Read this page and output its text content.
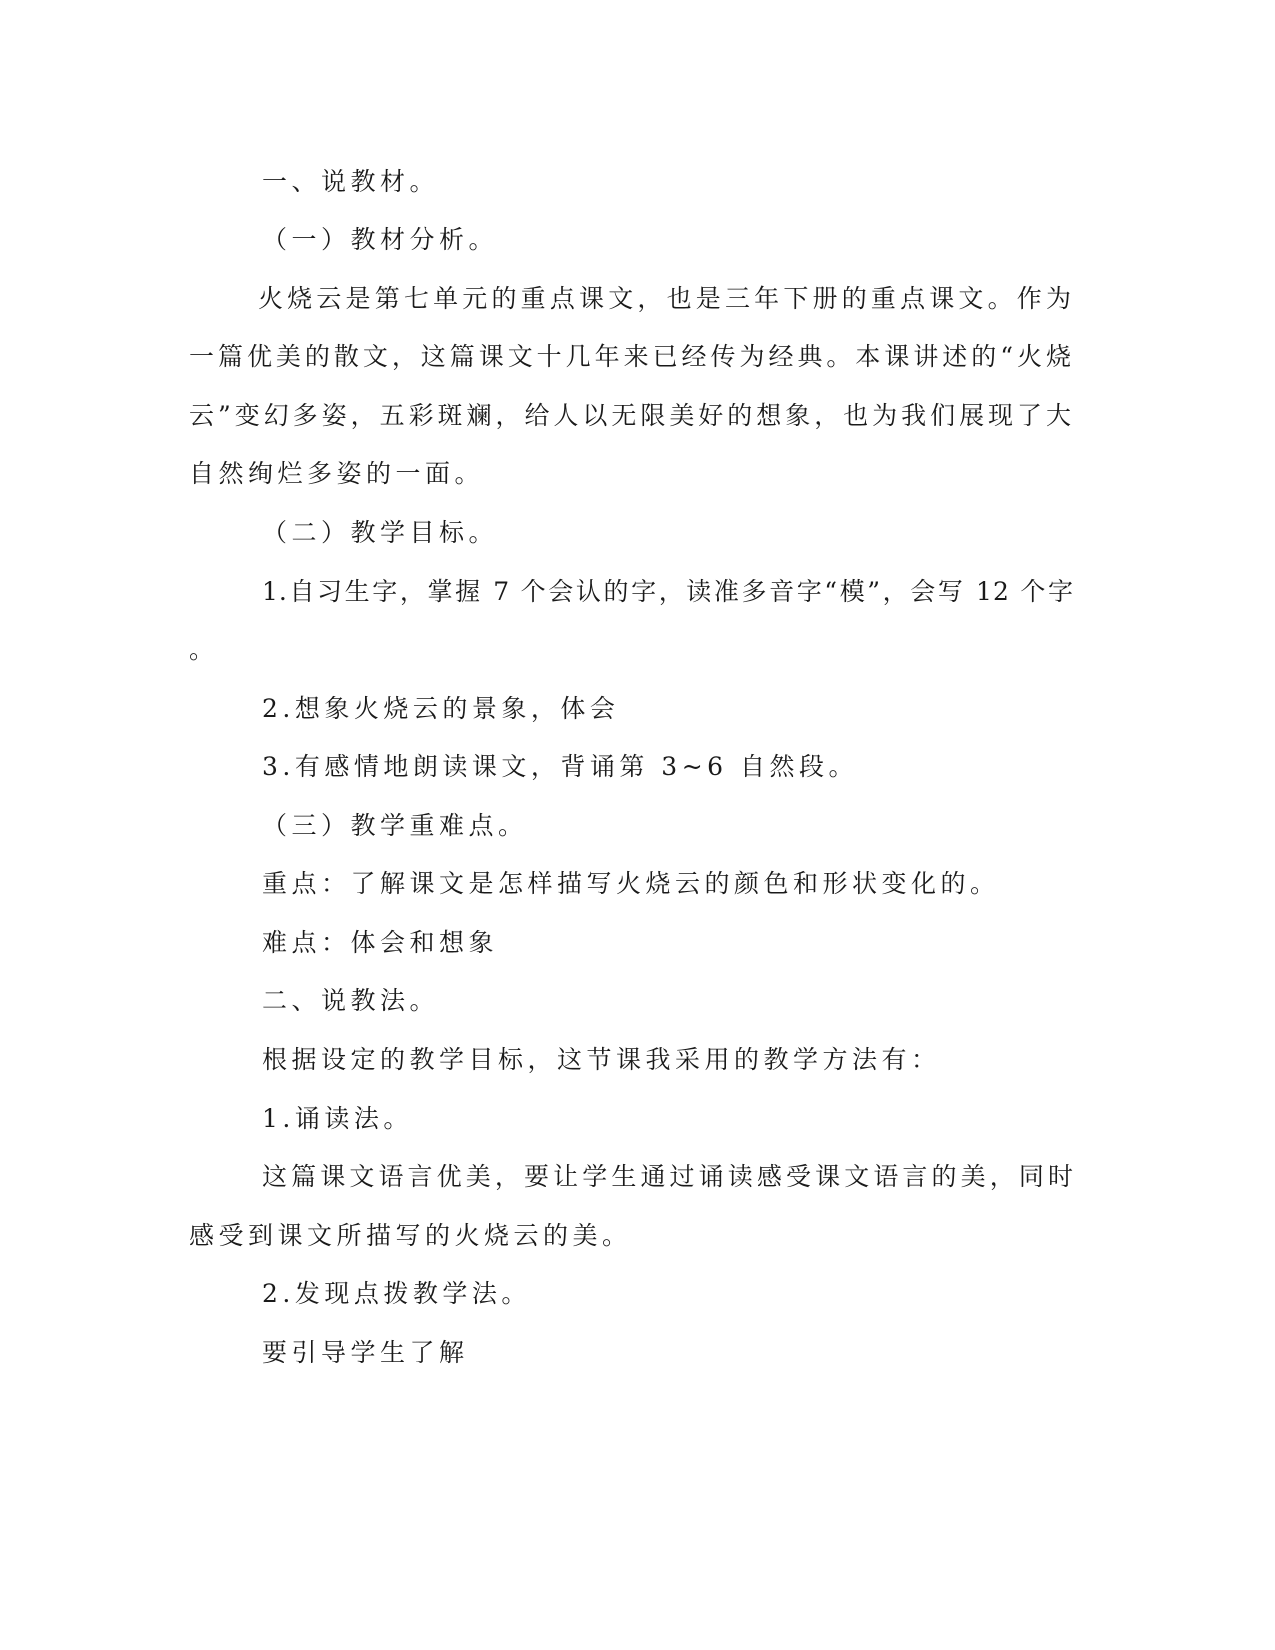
一、说教材。
（一）教材分析。
火烧云是第七单元的重点课文，也是三年下册的重点课文。作为
一篇优美的散文，这篇课文十几年来已经传为经典。本课讲述的“火烧
云”变幻多姿，五彩斑斓，给人以无限美好的想象，也为我们展现了大
自然绚烂多姿的一面。
（二）教学目标。
1.自习生字，掌握 7 个会认的字，读准多音字“模”，会写 12 个字
。
2.想象火烧云的景象，体会
3.有感情地朗读课文，背诵第 3~6 自然段。
（三）教学重难点。
重点：了解课文是怎样描写火烧云的颜色和形状变化的。
难点：体会和想象
二、说教法。
根据设定的教学目标，这节课我采用的教学方法有：
1.诵读法。
这篇课文语言优美，要让学生通过诵读感受课文语言的美，同时
感受到课文所描写的火烧云的美。
2.发现点拨教学法。
要引导学生了解
